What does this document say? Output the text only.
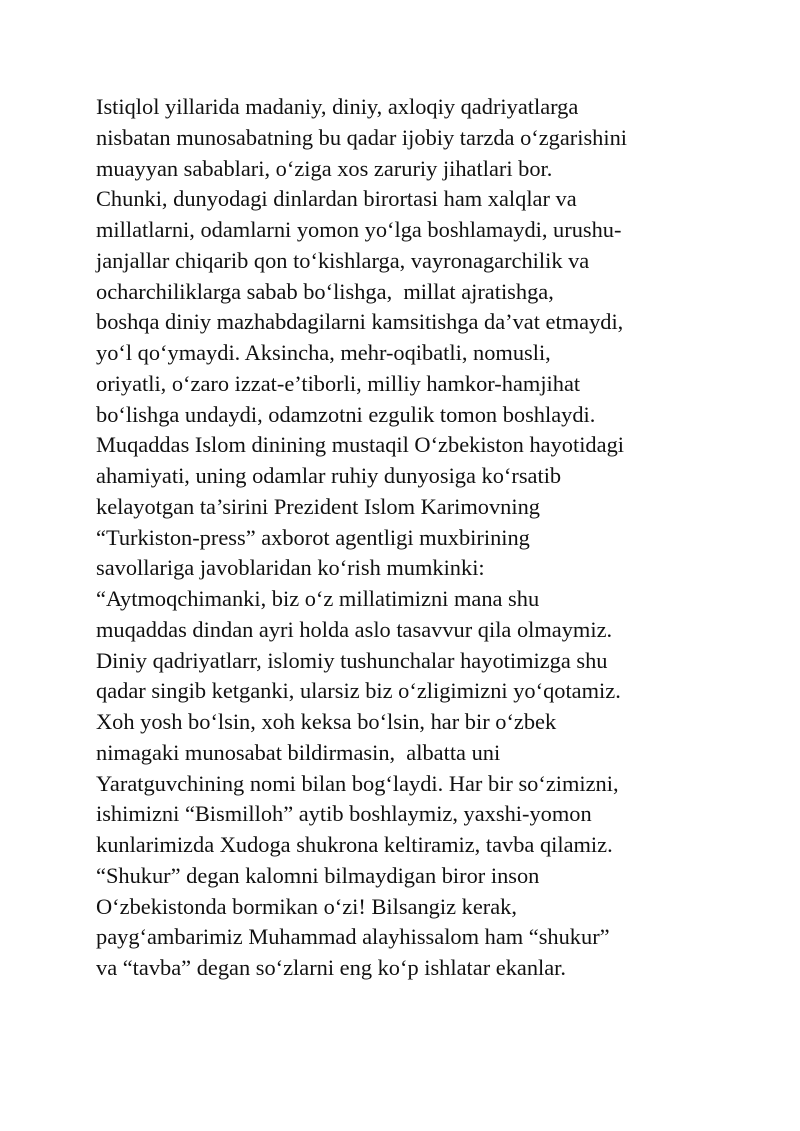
Istiqlol yillarida madaniy, diniy, axloqiy qadriyatlarga
nisbatan munosabatning bu qadar ijobiy tarzda o‘zgarishini
muayyan sabablari, o‘ziga xos zaruriy jihatlari bor.
Chunki, dunyodagi dinlardan birortasi ham xalqlar va
millatlarni, odamlarni yomon yo‘lga boshlamaydi, urushu-
janjallar chiqarib qon to‘kishlarga, vayronagarchilik va
ocharchiliklarga sabab bo‘lishga,  millat ajratishga,
boshqa diniy mazhabdagilarni kamsitishga da’vat etmaydi,
yo‘l qo‘ymaydi. Aksincha, mehr-oqibatli, nomusli,
oriyatli, o‘zaro izzat-e’tiborli, milliy hamkor-hamjihat
bo‘lishga undaydi, odamzotni ezgulik tomon boshlaydi.
Muqaddas Islom dinining mustaqil O‘zbekiston hayotidagi
ahamiyati, uning odamlar ruhiy dunyosiga ko‘rsatib
kelayotgan ta’sirini Prezident Islom Karimovning
“Turkiston-press” axborot agentligi muxbirining
savollariga javoblaridan ko‘rish mumkinki:
“Aytmoqchimanki, biz o‘z millatimizni mana shu
muqaddas dindan ayri holda aslo tasavvur qila olmaymiz.
Diniy qadriyatlarr, islomiy tushunchalar hayotimizga shu
qadar singib ketganki, ularsiz biz o‘zligimizni yo‘qotamiz.
Xoh yosh bo‘lsin, xoh keksa bo‘lsin, har bir o‘zbek
nimagaki munosabat bildirmasin,  albatta uni
Yaratguvchining nomi bilan bog‘laydi. Har bir so‘zimizni,
ishimizni “Bismilloh” aytib boshlaymiz, yaxshi-yomon
kunlarimizda Xudoga shukrona keltiramiz, tavba qilamiz.
“Shukur” degan kalomni bilmaydigan biror inson
O‘zbekistonda bormikan o‘zi! Bilsangiz kerak,
payg‘ambarimiz Muhammad alayhissalom ham “shukur”
va “tavba” degan so‘zlarni eng ko‘p ishlatar ekanlar.
